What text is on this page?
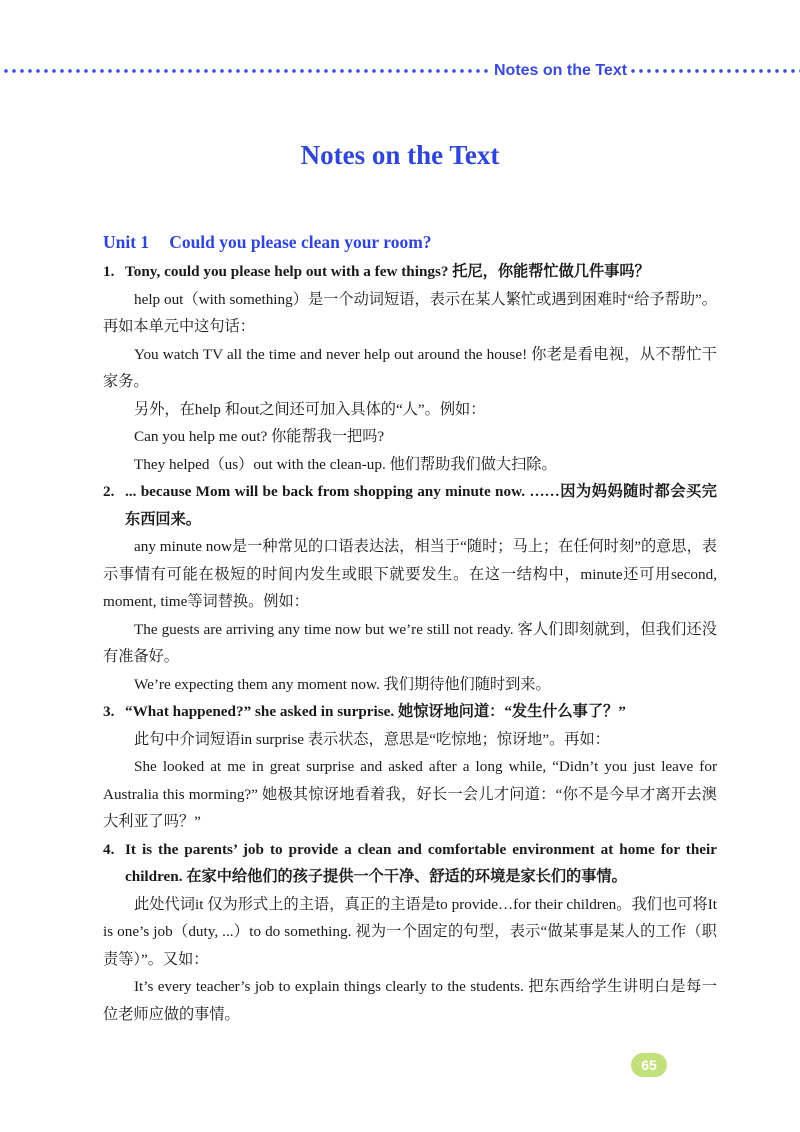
Notes on the Text
Notes on the Text
Unit 1 Could you please clean your room?

1. Tony, could you please help out with a few things? 托尼，你能帮忙做几件事吗？

help out（with something）是一个动词短语，表示在某人繁忙或遇到困难时“给予帮助”。再如本单元中这句话：

You watch TV all the time and never help out around the house! 你老是看电视，从不帮忙干家务。

另外，在help 和out之间还可加入具体的“人”。例如：

Can you help me out? 你能帮我一把吗?

They helped（us）out with the clean-up. 他们帮助我们做大扫除。

2. ... because Mom will be back from shopping any minute now. ……因为妈妈随时都会买完东西回来。

any minute now是一种常见的口语表达法，相当于“随时；马上；在任何时刻”的意思，表示事情有可能在极短的时间内发生或眼下就要发生。在这一结构中，minute还可用second, moment, time等词替换。例如：

The guests are arriving any time now but we’re still not ready. 客人们即刻就到，但我们还没有准备好。

We’re expecting them any moment now. 我们期待他们随时到来。

3. “What happened?” she asked in surprise. 她惊讶地问道：“发生什么事了？”

此句中介词短语in surprise 表示状态，意思是“吃惊地；惊讶地”。再如：

She looked at me in great surprise and asked after a long while, “Didn’t you just leave for Australia this morming?” 她极其惊讶地看着我，好长一会儿才问道：“你不是今早才离开去澳大利亚了吗？”

4. It is the parents’ job to provide a clean and comfortable environment at home for their children. 在家中给他们的孩子提供一个干净、舒适的环境是家长们的事情。

此处代词it 仅为形式上的主语，真正的主语是to provide…for their children。我们也可将It is one’s job（duty, ...）to do something. 视为一个固定的句型，表示“做某事是某人的工作（职责等）”。又如：

It’s every teacher’s job to explain things clearly to the students. 把东西给学生讲明白是每一位老师应做的事情。

65
